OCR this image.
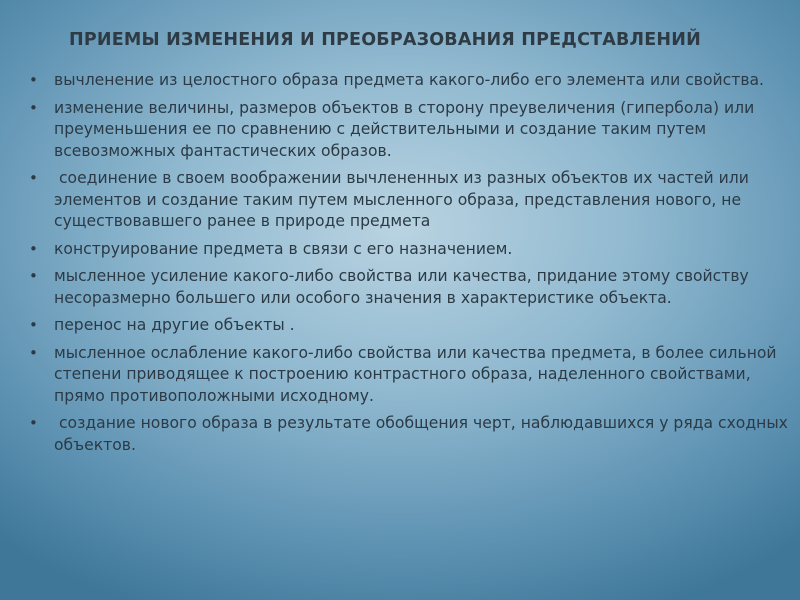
ПРИЕМЫ ИЗМЕНЕНИЯ И ПРЕОБРАЗОВАНИЯ ПРЕДСТАВЛЕНИЙ
• вычленение из целостного образа предмета какого-либо его элемента или свойства.
• изменение величины, размеров объектов в сторону преувеличения (гипербола) или преуменьшения ее по сравнению с действительными и создание таким путем всевозможных фантастических образов.
• соединение в своем воображении вычлененных из разных объектов их частей или элементов и создание таким путем мысленного образа, представления нового, не существовавшего ранее в природе предмета
• конструирование предмета в связи с его назначением.
• мысленное усиление какого-либо свойства или качества, придание этому свойству несоразмерно большего или особого значения в характеристике объекта.
• перенос на другие объекты .
• мысленное ослабление какого-либо свойства или качества предмета, в более сильной степени приводящее к построению контрастного образа, наделенного свойствами, прямо противоположными исходному.
• создание нового образа в результате обобщения черт, наблюдавшихся у ряда сходных объектов.
